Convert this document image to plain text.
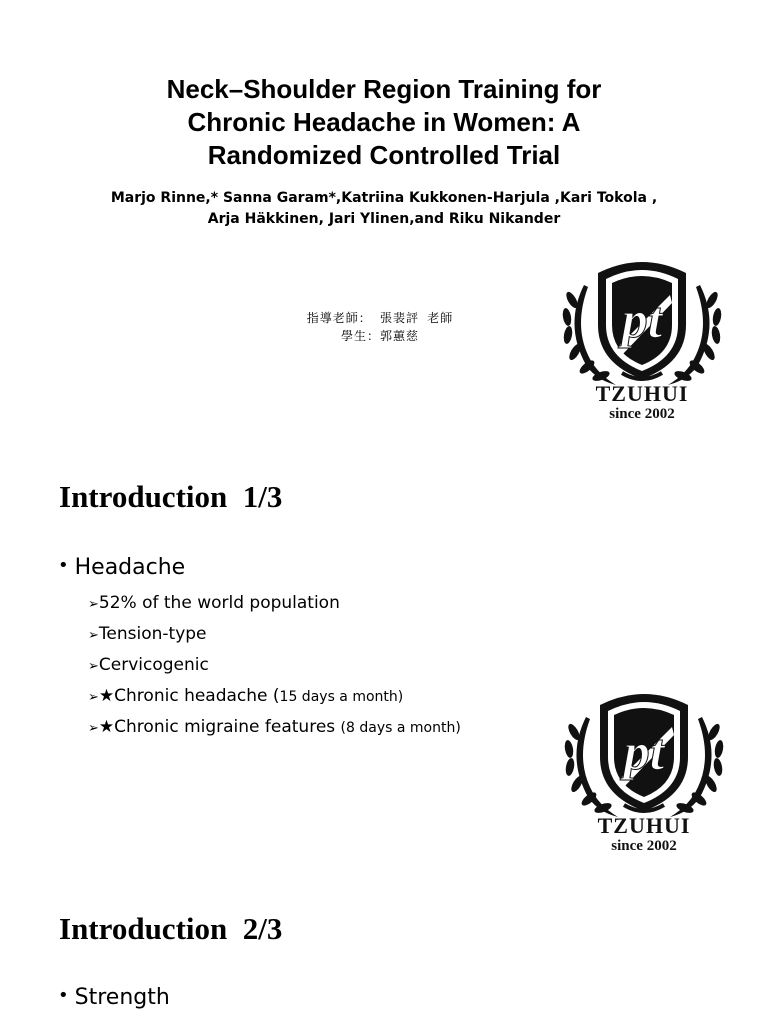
Neck–Shoulder Region Training for
Chronic Headache in Women: A
Randomized Controlled Trial
Marjo Rinne,* Sanna Garam*,Katriina Kukkonen-Harjula ,Kari Tokola ,
Arja Häkkinen, Jari Ylinen,and Riku Nikander
指導老師： 張裴評 老師
學生：郭蕙慈	pt
TZUHUI
since 2002
Introduction  1/3
• Headache
➢52% of the world population
➢Tension-type
➢Cervicogenic
➢★Chronic headache (15 days a month)
➢★Chronic migraine features (8 days a month)	pt
TZUHUI
since 2002
Introduction  2/3
• Strength
